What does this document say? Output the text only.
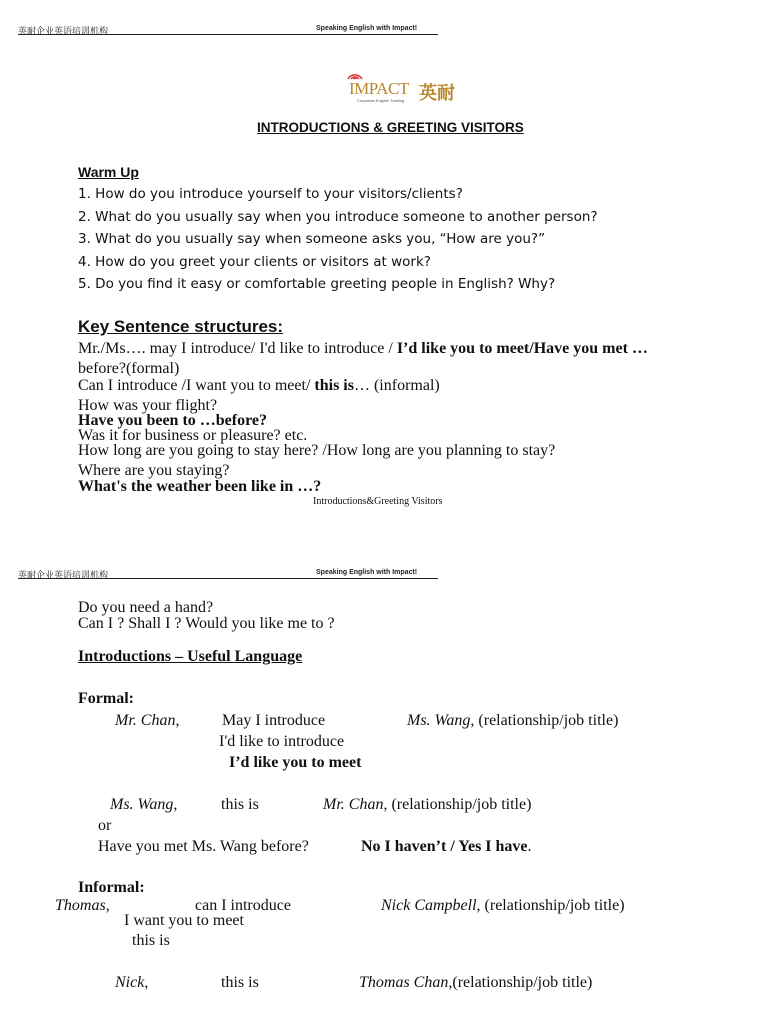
英耐企业英语培训机构	Speaking English with Impact!
IMPACT 英耐
Corporate English Training
INTRODUCTIONS & GREETING VISITORS
Warm Up
1. How do you introduce yourself to your visitors/clients?
2. What do you usually say when you introduce someone to another person?
3. What do you usually say when someone asks you, “How are you?”
4. How do you greet your clients or visitors at work?
5. Do you find it easy or comfortable greeting people in English? Why?
Key Sentence structures:
Mr./Ms…. may I introduce/ I'd like to introduce / I’d like you to meet/Have you met …
before?(formal)
Can I introduce /I want you to meet/ this is… (informal)
How was your flight?
Have you been to …before?
Was it for business or pleasure? etc.
How long are you going to stay here? /How long are you planning to stay?
Where are you staying?
What's the weather been like in …?
Introductions&Greeting Visitors
英耐企业英语培训机构	Speaking English with Impact!
Do you need a hand?
Can I ? Shall I ? Would you like me to ?
Introductions – Useful Language
Formal:
Mr. Chan,	May I introduce	Ms. Wang, (relationship/job title)
I'd like to introduce
I’d like you to meet
Ms. Wang,	this is	Mr. Chan, (relationship/job title)
or
Have you met Ms. Wang before?	No I haven’t / Yes I have.
Informal:
Thomas,	can I introduce	Nick Campbell, (relationship/job title)
I want you to meet
this is
Nick,	this is	Thomas Chan,(relationship/job title)
